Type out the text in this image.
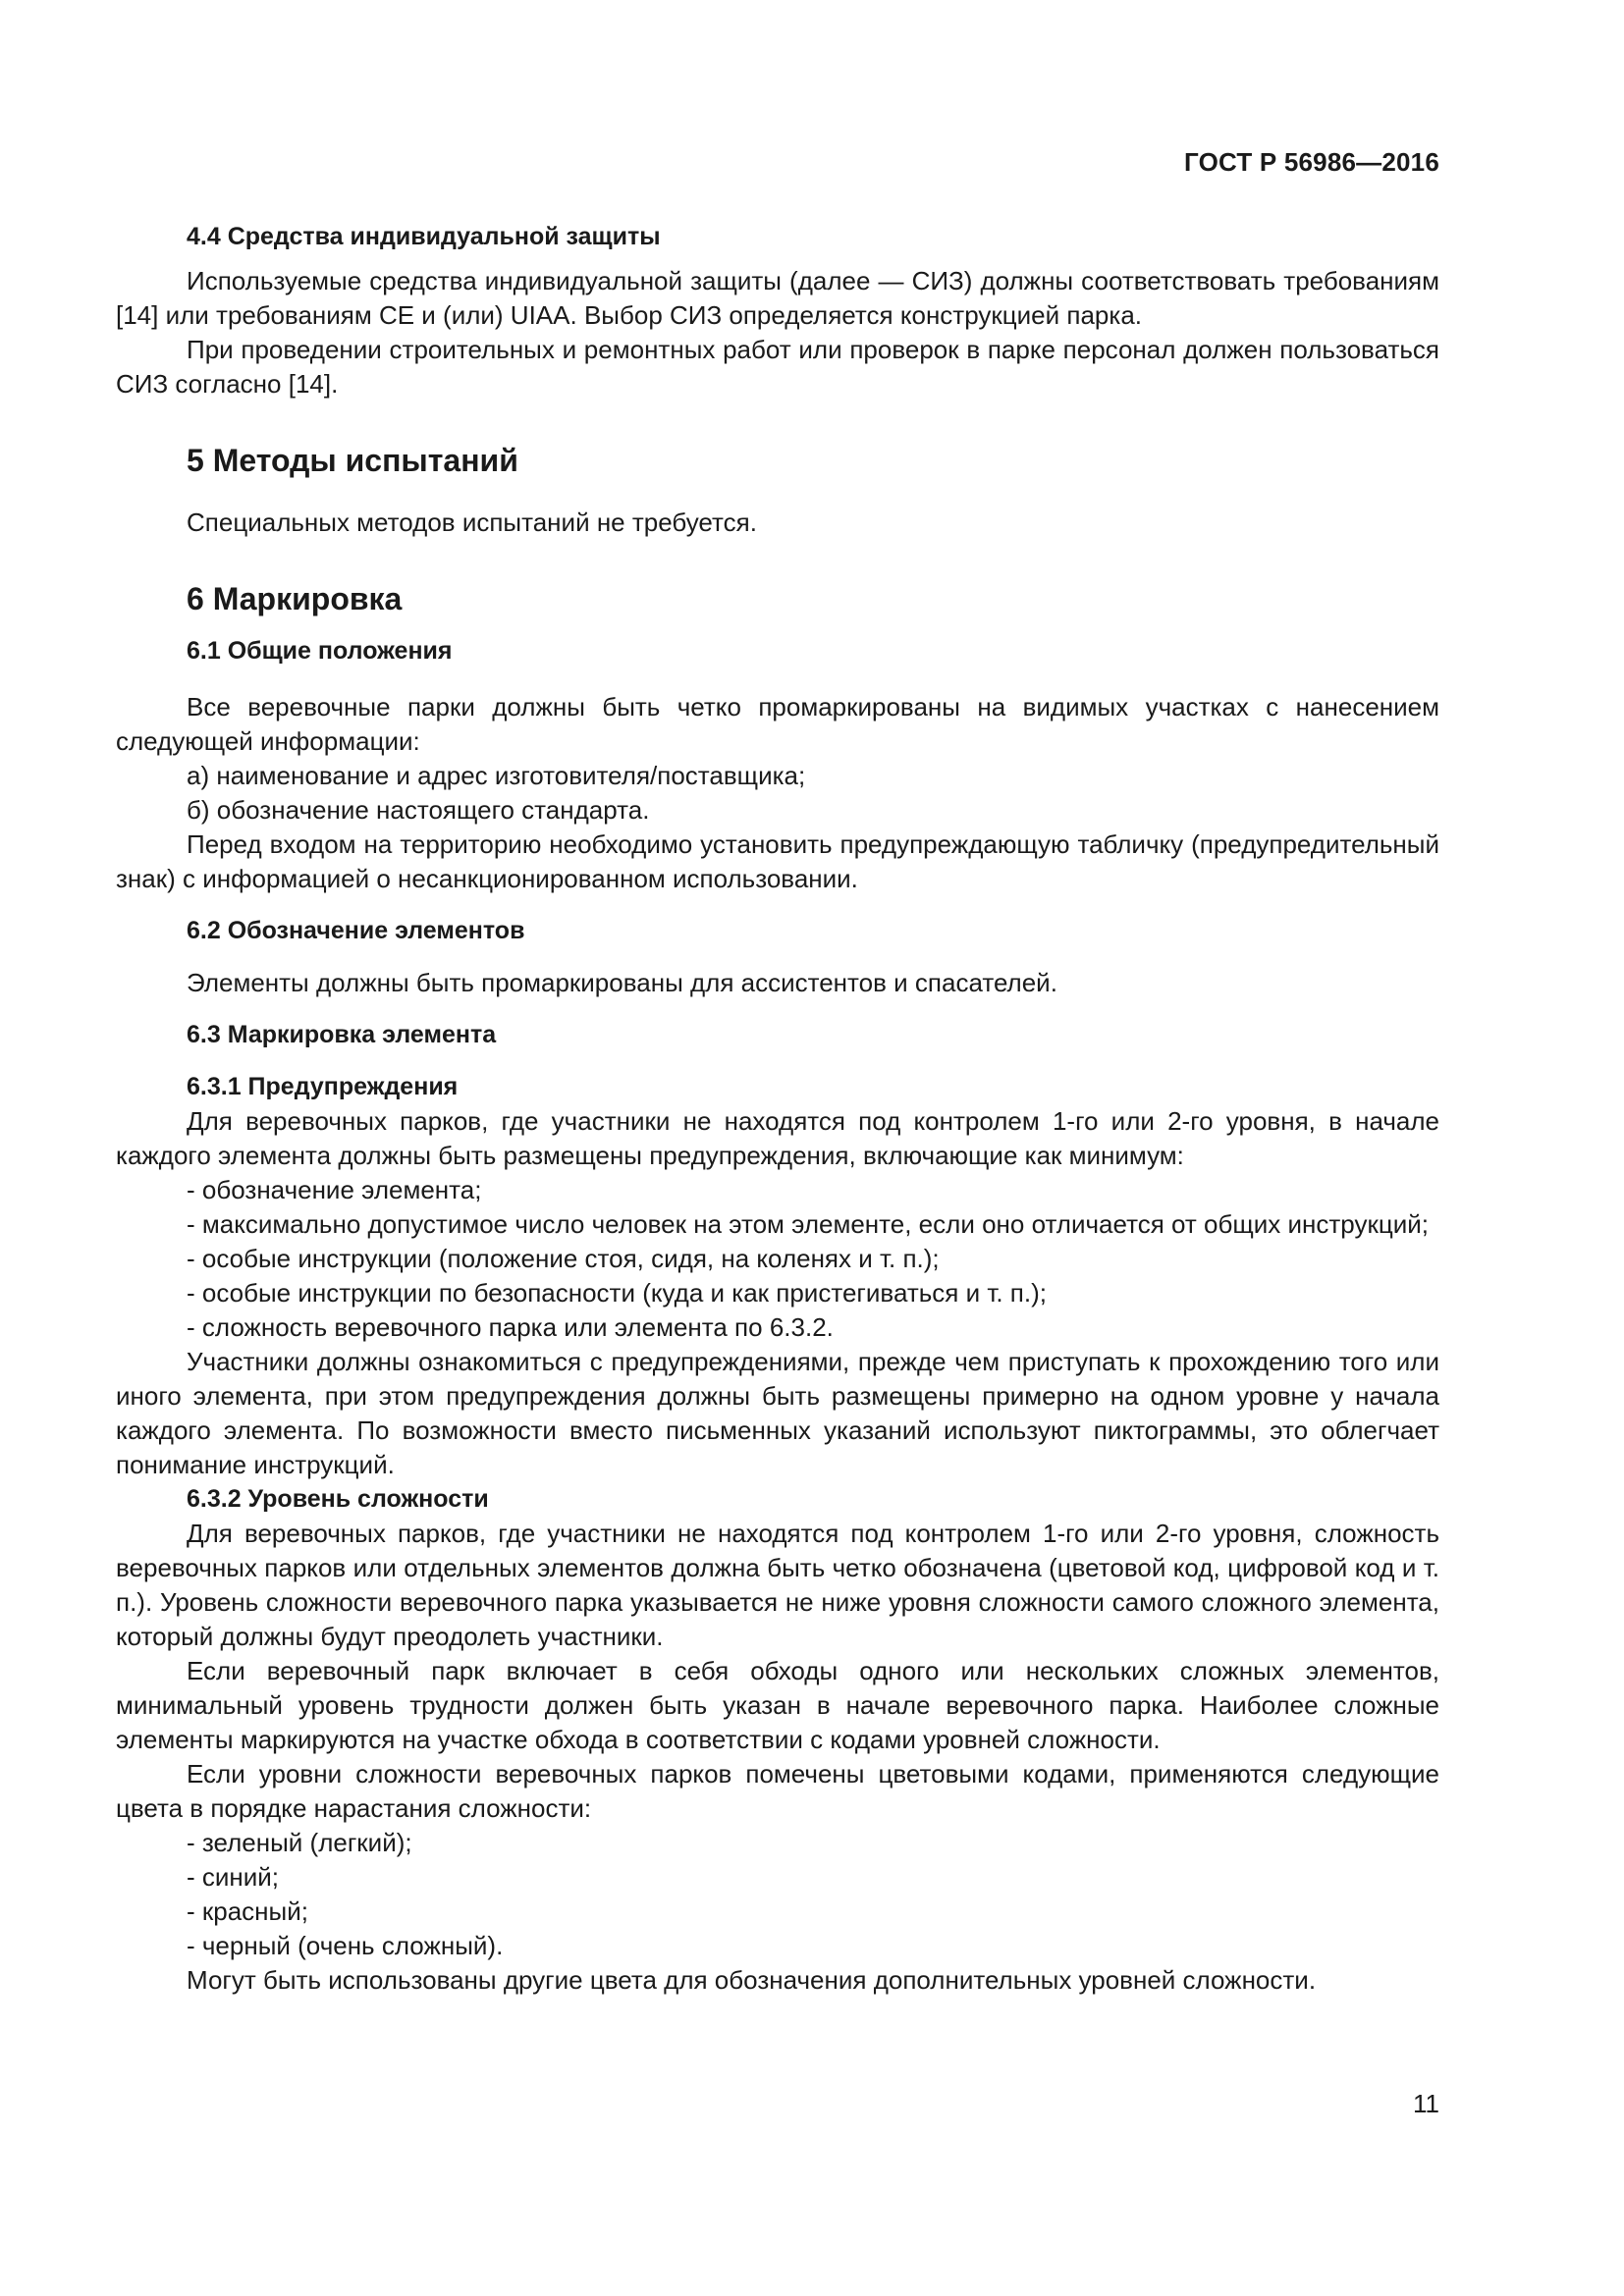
ГОСТ Р 56986—2016
4.4 Средства индивидуальной защиты

Используемые средства индивидуальной защиты (далее — СИЗ) должны соответствовать требованиям [14] или требованиям СЕ и (или) UIAA. Выбор СИЗ определяется конструкцией парка.

При проведении строительных и ремонтных работ или проверок в парке персонал должен пользоваться СИЗ согласно [14].

5 Методы испытаний

Специальных методов испытаний не требуется.

6 Маркировка
6.1 Общие положения

Все веревочные парки должны быть четко промаркированы на видимых участках с нанесением следующей информации:

а) наименование и адрес изготовителя/поставщика;

б) обозначение настоящего стандарта.

Перед входом на территорию необходимо установить предупреждающую табличку (предупредительный знак) с информацией о несанкционированном использовании.

6.2 Обозначение элементов

Элементы должны быть промаркированы для ассистентов и спасателей.

6.3 Маркировка элемента
6.3.1 Предупреждения

Для веревочных парков, где участники не находятся под контролем 1-го или 2-го уровня, в начале каждого элемента должны быть размещены предупреждения, включающие как минимум:

- обозначение элемента;

- максимально допустимое число человек на этом элементе, если оно отличается от общих инструкций;

- особые инструкции (положение стоя, сидя, на коленях и т. п.);

- особые инструкции по безопасности (куда и как пристегиваться и т. п.);

- сложность веревочного парка или элемента по 6.3.2.

Участники должны ознакомиться с предупреждениями, прежде чем приступать к прохождению того или иного элемента, при этом предупреждения должны быть размещены примерно на одном уровне у начала каждого элемента. По возможности вместо письменных указаний используют пиктограммы, это облегчает понимание инструкций.

6.3.2 Уровень сложности

Для веревочных парков, где участники не находятся под контролем 1-го или 2-го уровня, сложность веревочных парков или отдельных элементов должна быть четко обозначена (цветовой код, цифровой код и т. п.). Уровень сложности веревочного парка указывается не ниже уровня сложности самого сложного элемента, который должны будут преодолеть участники.

Если веревочный парк включает в себя обходы одного или нескольких сложных элементов, минимальный уровень трудности должен быть указан в начале веревочного парка. Наиболее сложные элементы маркируются на участке обхода в соответствии с кодами уровней сложности.

Если уровни сложности веревочных парков помечены цветовыми кодами, применяются следующие цвета в порядке нарастания сложности:

- зеленый (легкий);

- синий;

- красный;

- черный (очень сложный).

Могут быть использованы другие цвета для обозначения дополнительных уровней сложности.

11
